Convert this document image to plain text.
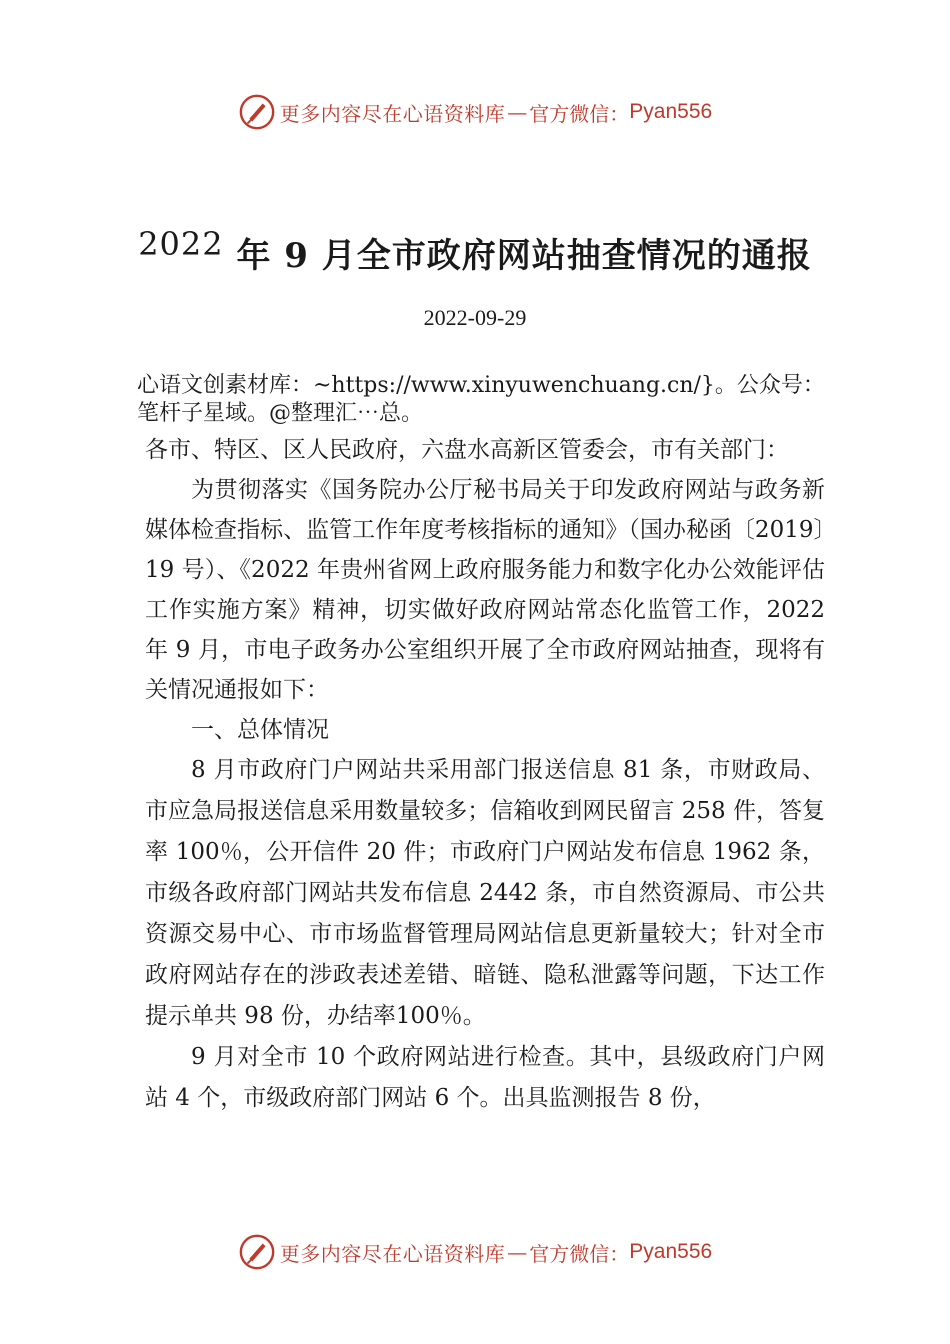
更多内容尽在心语资料库 — 官方微信： Pyan556
2022 年 9 月全市政府网站抽查情况的通报
2022-09-29
心语文创素材库：~https://www.xinyuwenchuang.cn/}。公众号：笔杆子星域。@整理汇⋯总。

各市、特区、区人民政府，六盘水高新区管委会，市有关部门：

为贯彻落实《国务院办公厅秘书局关于印发政府网站与政务新媒体检查指标、监管工作年度考核指标的通知》（国办秘函〔2019〕19 号）、《2022 年贵州省网上政府服务能力和数字化办公效能评估工作实施方案》精神，切实做好政府网站常态化监管工作，2022 年 9 月，市电子政务办公室组织开展了全市政府网站抽查，现将有关情况通报如下：

一、总体情况

8 月市政府门户网站共采用部门报送信息 81 条，市财政局、市应急局报送信息采用数量较多；信箱收到网民留言 258 件，答复率 100％，公开信件 20 件；市政府门户网站发布信息 1962 条，市级各政府部门网站共发布信息 2442 条，市自然资源局、市公共资源交易中心、市市场监督管理局网站信息更新量较大；针对全市政府网站存在的涉政表述差错、暗链、隐私泄露等问题，下达工作提示单共 98 份，办结率100％。

9 月对全市 10 个政府网站进行检查。其中，县级政府门户网站 4 个，市级政府部门网站 6 个。出具监测报告 8 份，

更多内容尽在心语资料库 — 官方微信： Pyan556
